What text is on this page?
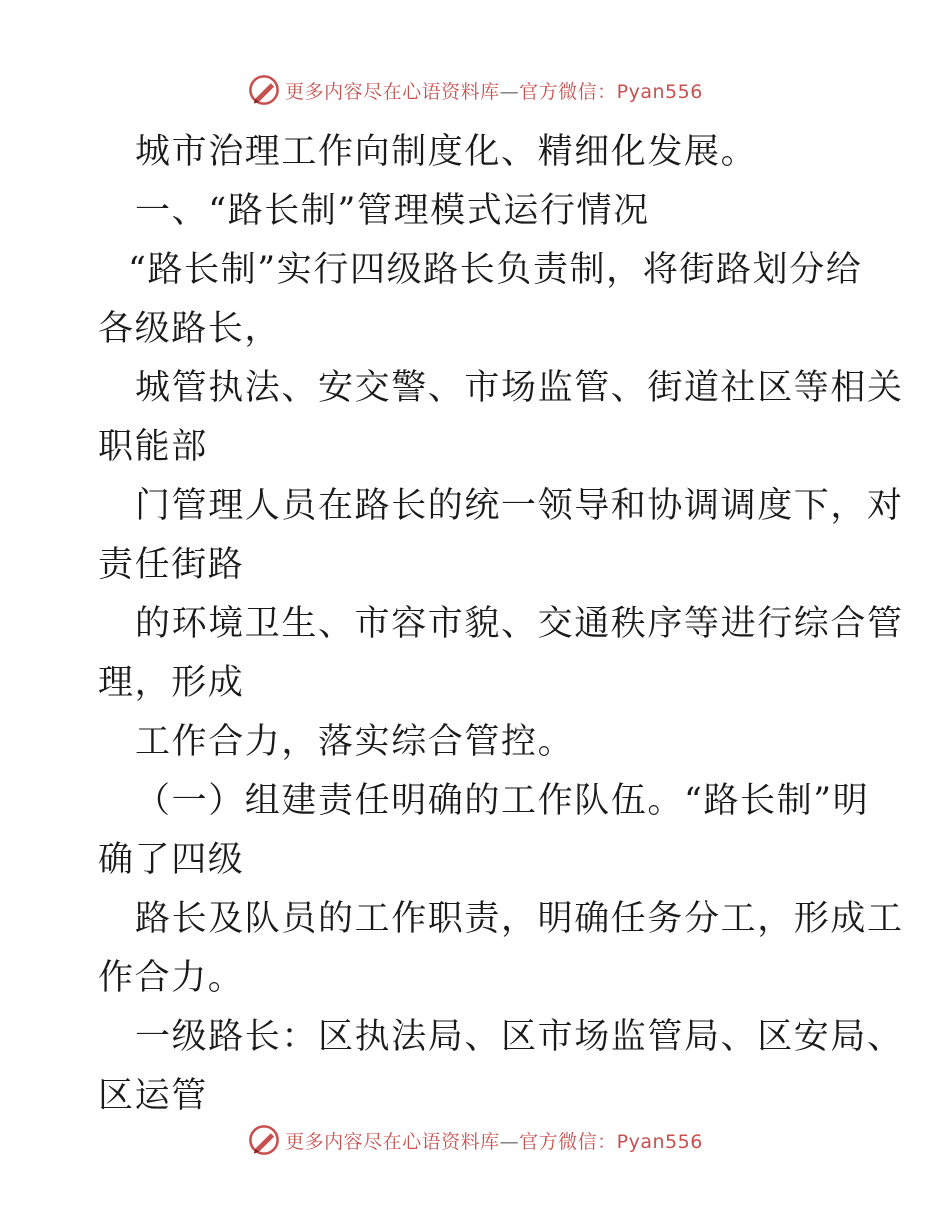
更多内容尽在心语资料库—官方微信：Pyan556
城市治理工作向制度化、精细化发展。
一、“路长制”管理模式运行情况
“路长制”实行四级路长负责制，将街路划分给
各级路长，
城管执法、安交警、市场监管、街道社区等相关
职能部
门管理人员在路长的统一领导和协调调度下，对
责任街路
的环境卫生、市容市貌、交通秩序等进行综合管
理，形成
工作合力，落实综合管控。
（一）组建责任明确的工作队伍。“路长制”明
确了四级
路长及队员的工作职责，明确任务分工，形成工
作合力。
一级路长：区执法局、区市场监管局、区安局、
区运管
更多内容尽在心语资料库—官方微信：Pyan556
